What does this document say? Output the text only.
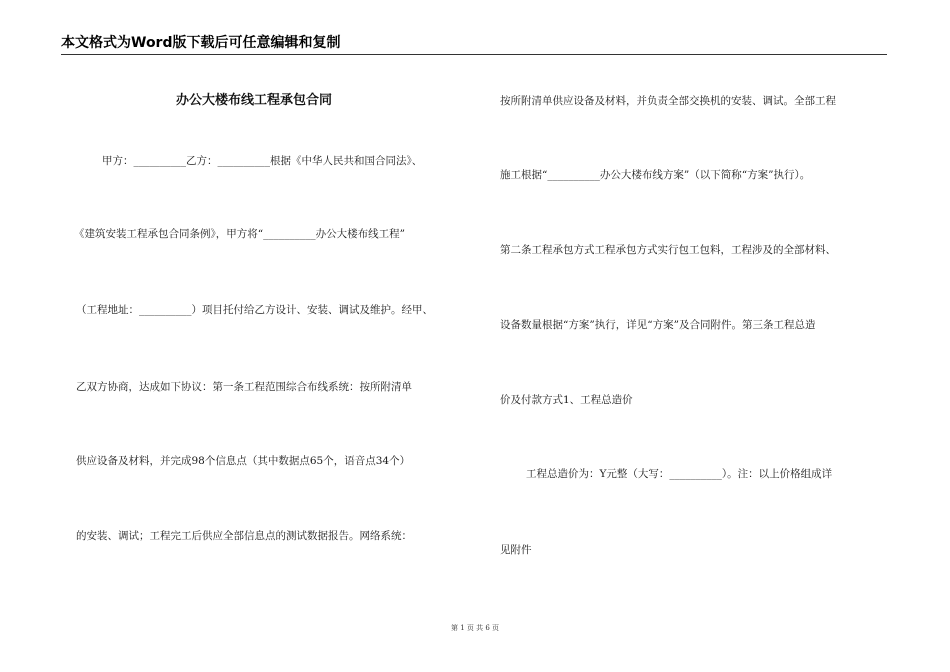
本文格式为Word版下载后可任意编辑和复制
办公大楼布线工程承包合同
甲方：__________乙方：__________根据《中华人民共和国合同法》、
《建筑安装工程承包合同条例》，甲方将“__________办公大楼布线工程”
（工程地址：__________）项目托付给乙方设计、安装、调试及维护。经甲、
乙双方协商，达成如下协议：第一条工程范围综合布线系统：按所附清单
供应设备及材料，并完成98个信息点（其中数据点65个，语音点34个）
的安装、调试；工程完工后供应全部信息点的测试数据报告。网络系统：
按所附清单供应设备及材料，并负责全部交换机的安装、调试。全部工程
施工根据“__________办公大楼布线方案”（以下简称“方案”执行）。
第二条工程承包方式工程承包方式实行包工包料，工程涉及的全部材料、
设备数量根据“方案”执行，详见“方案”及合同附件。第三条工程总造
价及付款方式1、工程总造价
工程总造价为：Y元整（大写：__________）。注：以上价格组成详
见附件
第 1 页 共 6 页
